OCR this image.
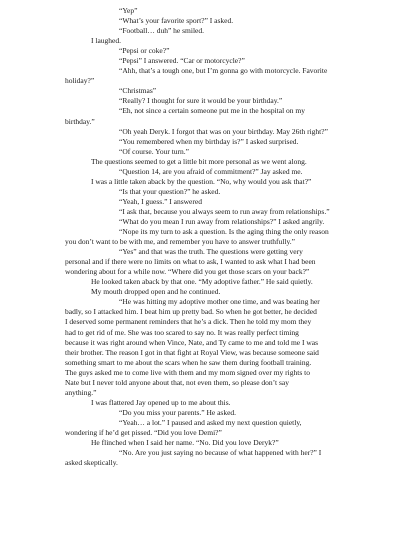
“Yep”
“What’s your favorite sport?” I asked.
“Football… duh” he smiled.
I laughed.
“Pepsi or coke?”
“Pepsi” I answered. “Car or motorcycle?”
“Ahh, that’s a tough one, but I’m gonna go with motorcycle. Favorite
holiday?”
“Christmas”
“Really? I thought for sure it would be your birthday.”
“Eh, not since a certain someone put me in the hospital on my
birthday.”
“Oh yeah Deryk. I forgot that was on your birthday. May 26th right?”
“You remembered when my birthday is?” I asked surprised.
“Of course. Your turn.”
The questions seemed to get a little bit more personal as we went along.
“Question 14, are you afraid of commitment?” Jay asked me.
I was a little taken aback by the question. “No, why would you ask that?”
“Is that your question?” he asked.
“Yeah, I guess.” I answered
“I ask that, because you always seem to run away from relationships.”
“What do you mean I run away from relationships?” I asked angrily.
“Nope its my turn to ask a question. Is the aging thing the only reason
you don’t want to be with me, and remember you have to answer truthfully.”
“Yes” and that was the truth. The questions were getting very
personal and if there were no limits on what to ask, I wanted to ask what I had been
wondering about for a while now. “Where did you get those scars on your back?”
He looked taken aback by that one. “My adoptive father.” He said quietly.
My mouth dropped open and he continued.
“He was hitting my adoptive mother one time, and was beating her
badly, so I attacked him. I beat him up pretty bad. So when he got better, he decided
I deserved some permanent reminders that he’s a dick. Then he told my mom they
had to get rid of me. She was too scared to say no. It was really perfect timing
because it was right around when Vince, Nate, and Ty came to me and told me I was
their brother. The reason I got in that fight at Royal View, was because someone said
something smart to me about the scars when he saw them during football training.
The guys asked me to come live with them and my mom signed over my rights to
Nate but I never told anyone about that, not even them, so please don’t say
anything.”
I was flattered Jay opened up to me about this.
“Do you miss your parents.” He asked.
“Yeah… a lot.” I paused and asked my next question quietly,
wondering if he’d get pissed. “Did you love Demi?”
He flinched when I said her name. “No. Did you love Deryk?”
“No. Are you just saying no because of what happened with her?” I
asked skeptically.
